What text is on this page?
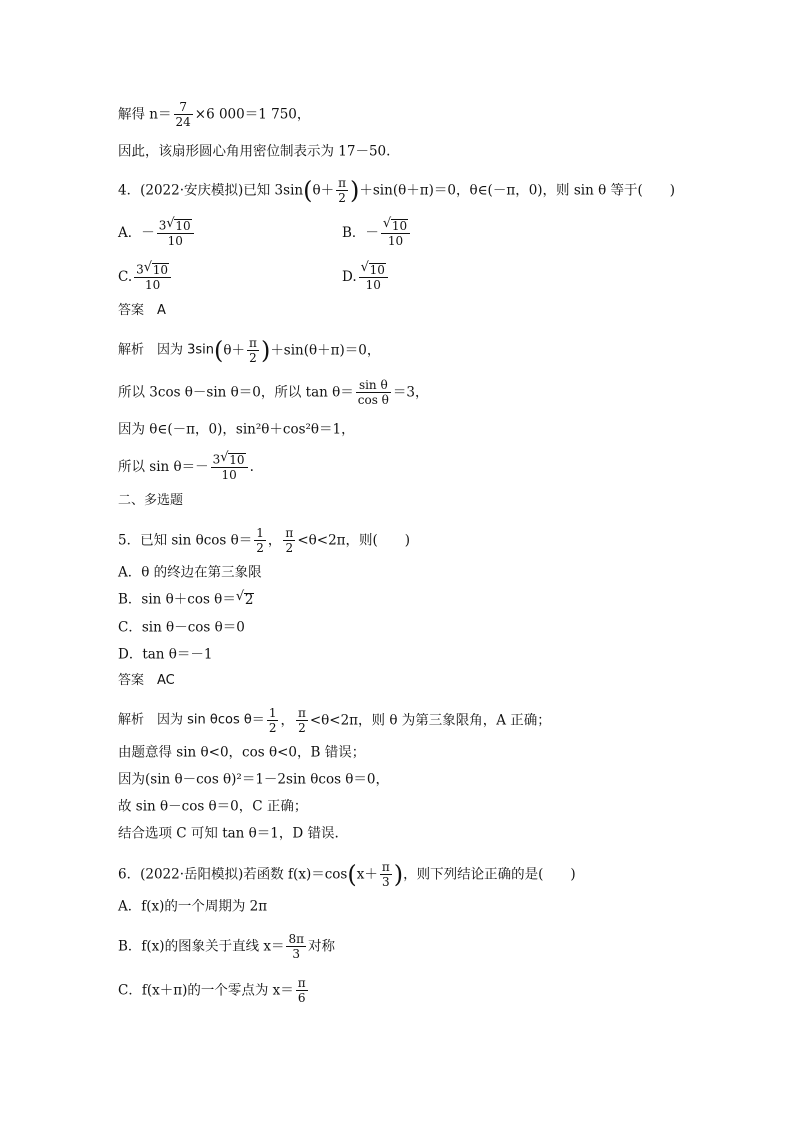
解得 $n= \frac{7}{24} \times 6$ 000＝1 750，
因此，该扇形圆心角用密位制表示为 17－50.
4．(2022·安庆模拟)已知 $3\sin(\theta+ \frac{\pi}{2} )+\sin(\theta+\pi)=0$，θ∈(－π，0)，则 sin θ 等于(　　)
A．－ $\frac{3 √ 10}{10}$	B．－ $\frac{√ 10}{10}$
C. $\frac{3 √ 10}{10}$	D. $\frac{√ 10}{10}$
答案　A
解析　因为 $3\sin(\theta+ \frac{\pi}{2} )+\sin(\theta+\pi)=0$，
所以 3cos θ－sin θ＝0，所以 $\tan \theta= \frac{\text{sin θ}}{\text{cos θ}} =3$，
因为 θ∈(－π，0)，sin²θ＋cos²θ＝1，
所以 $\sin \theta=- \frac{3 √ 10}{10}$ .
二、多选题
5．已知 sin θcos $\theta= \frac{1}{2}$ ， $\frac{\pi}{2} <\theta<2\pi$，则(　　)
A．θ 的终边在第三象限
B．sin θ＋cos θ＝ √ 2
C．sin θ－cos θ＝0
D．tan θ＝－1
答案　AC
解析　因为 sin θcos $\theta= \frac{1}{2}$ ， $\frac{\pi}{2} <\theta<2\pi$，则 θ 为第三象限角，A 正确；
由题意得 sin θ<0，cos θ<0，B 错误；
因为(sin θ－cos θ)²＝1－2sin θcos θ＝0，
故 sin θ－cos θ＝0，C 正确；
结合选项 C 可知 tan θ＝1，D 错误.
6．(2022·岳阳模拟)若函数 $f(x)=\cos(x+ \frac{\pi}{3}$ )，则下列结论正确的是(　　)
A．f(x)的一个周期为 2π
B．f(x)的图象关于直线 $x= \frac{8\pi}{3}$ 对称
C．f(x＋π)的一个零点为 $x= \frac{\pi}{6}$
